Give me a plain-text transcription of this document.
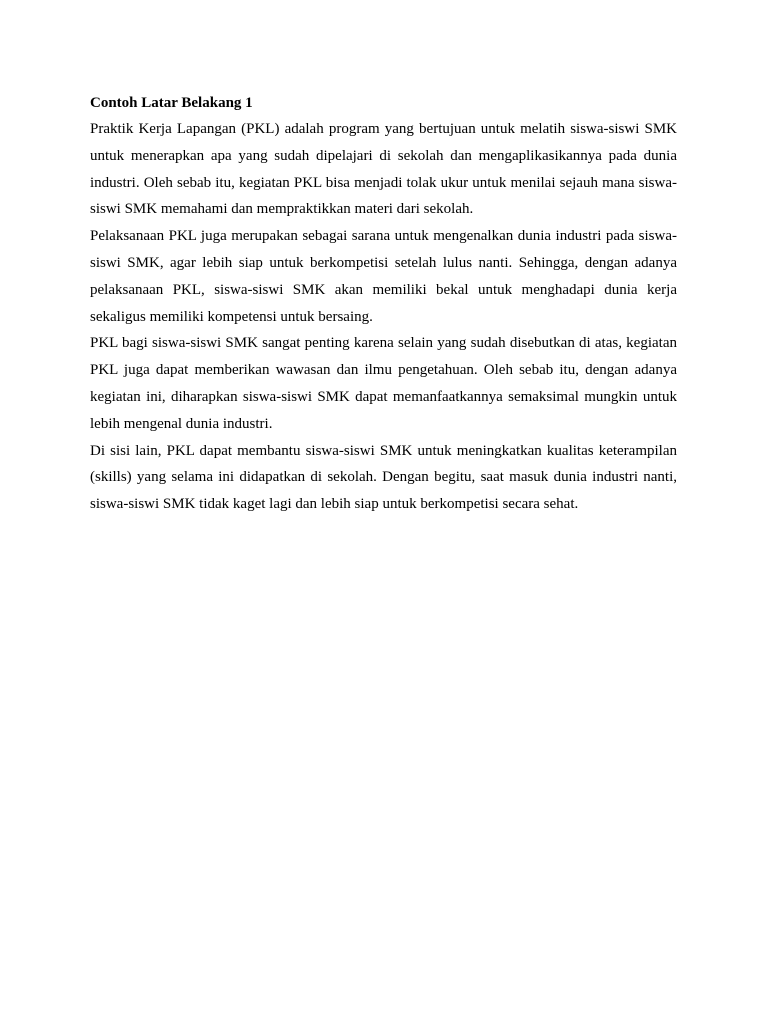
Contoh Latar Belakang 1

Praktik Kerja Lapangan (PKL) adalah program yang bertujuan untuk melatih siswa-siswi SMK untuk menerapkan apa yang sudah dipelajari di sekolah dan mengaplikasikannya pada dunia industri. Oleh sebab itu, kegiatan PKL bisa menjadi tolak ukur untuk menilai sejauh mana siswa-siswi SMK memahami dan mempraktikkan materi dari sekolah.

Pelaksanaan PKL juga merupakan sebagai sarana untuk mengenalkan dunia industri pada siswa-siswi SMK, agar lebih siap untuk berkompetisi setelah lulus nanti. Sehingga, dengan adanya pelaksanaan PKL, siswa-siswi SMK akan memiliki bekal untuk menghadapi dunia kerja sekaligus memiliki kompetensi untuk bersaing.

PKL bagi siswa-siswi SMK sangat penting karena selain yang sudah disebutkan di atas, kegiatan PKL juga dapat memberikan wawasan dan ilmu pengetahuan. Oleh sebab itu, dengan adanya kegiatan ini, diharapkan siswa-siswi SMK dapat memanfaatkannya semaksimal mungkin untuk lebih mengenal dunia industri.

Di sisi lain, PKL dapat membantu siswa-siswi SMK untuk meningkatkan kualitas keterampilan (skills) yang selama ini didapatkan di sekolah. Dengan begitu, saat masuk dunia industri nanti, siswa-siswi SMK tidak kaget lagi dan lebih siap untuk berkompetisi secara sehat.
